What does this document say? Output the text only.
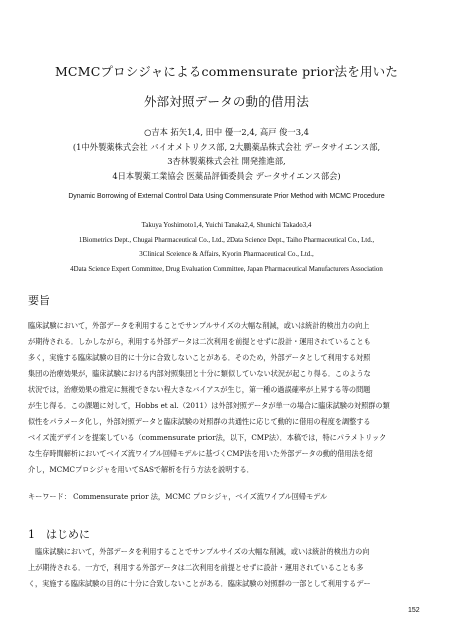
MCMCプロシジャによるcommensurate prior法を用いた
外部対照データの動的借用法
○吉本 拓矢1,4, 田中 優一2,4, 高戸 俊一3,4
(1中外製薬株式会社 バイオメトリクス部, 2大鵬薬品株式会社 データサイエンス部,
3杏林製薬株式会社 開発推進部,
4日本製薬工業協会 医薬品評価委員会 データサイエンス部会)
Dynamic Borrowing of External Control Data Using Commensurate Prior Method with MCMC Procedure
Takuya Yoshimoto1,4, Yuichi Tanaka2,4, Shunichi Takado3,4
1Biometrics Dept., Chugai Pharmaceutical Co., Ltd., 2Data Science Dept., Taiho Pharmaceutical Co., Ltd.,
3Clinical Sceience & Affairs, Kyorin Pharmaceutical Co., Ltd.,
4Data Science Expert Committee, Drug Evaluation Committee, Japan Pharmaceutical Manufacturers Association
要旨

臨床試験において，外部データを利用することでサンプルサイズの大幅な削減，或いは統計的検出力の向上

が期待される．しかしながら，利用する外部データは二次利用を前提とせずに設計・運用されていることも

多く，実施する臨床試験の目的に十分に合致しないことがある．そのため，外部データとして利用する対照

集団の治療効果が，臨床試験における内部対照集団と十分に類似していない状況が起こり得る．このような

状況では，治療効果の推定に無視できない程大きなバイアスが生じ，第一種の過誤確率が上昇する等の問題

が生じ得る．この課題に対して，Hobbs et al.（2011）は外部対照データが単一の場合に臨床試験の対照群の類

似性をパラメータ化し，外部対照データと臨床試験の対照群の共通性に応じて動的に借用の程度を調整する

ベイズ流デザインを提案している（commensurate prior法，以下，CMP法）．本稿では，特にパラメトリック

な生存時間解析においてベイズ流ワイブル回帰モデルに基づくCMP法を用いた外部データの動的借用法を紹

介し，MCMCプロシジャを用いてSASで解析を行う方法を説明する．

キーワード： Commensurate prior 法，MCMC プロシジャ，ベイズ流ワイブル回帰モデル
1　はじめに

　臨床試験において，外部データを利用することでサンプルサイズの大幅な削減，或いは統計的検出力の向

上が期待される．一方で，利用する外部データは二次利用を前提とせずに設計・運用されていることも多

く，実施する臨床試験の目的に十分に合致しないことがある．臨床試験の対照群の一部として利用するデー

152
